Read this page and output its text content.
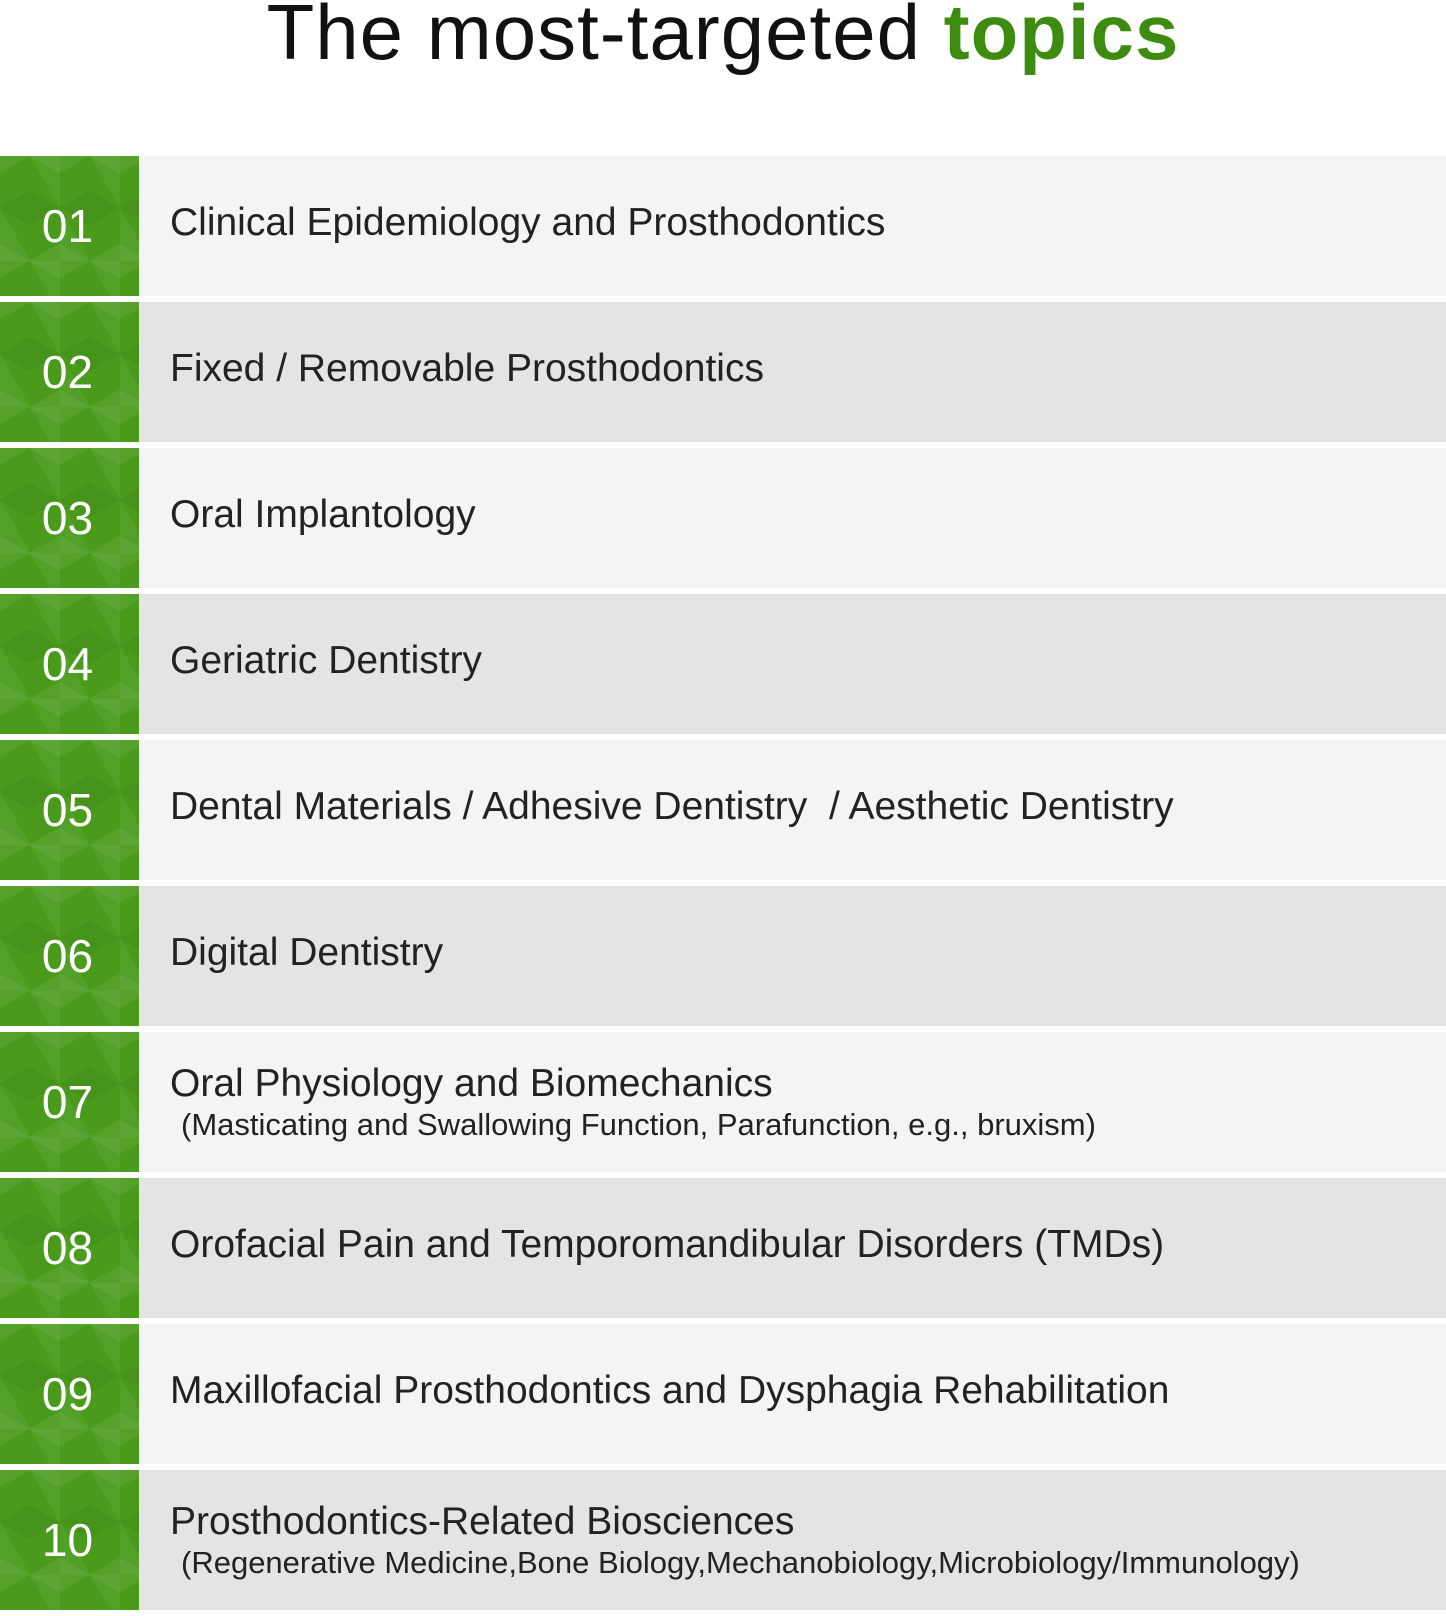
The most-targeted topics
01	Clinical Epidemiology and Prosthodontics
02	Fixed / Removable Prosthodontics
03	Oral Implantology
04	Geriatric Dentistry
05	Dental Materials / Adhesive Dentistry  / Aesthetic Dentistry
06	Digital Dentistry
07	Oral Physiology and Biomechanics
(Masticating and Swallowing Function, Parafunction, e.g., bruxism)
08	Orofacial Pain and Temporomandibular Disorders (TMDs)
09	Maxillofacial Prosthodontics and Dysphagia Rehabilitation
10	Prosthodontics-Related Biosciences
(Regenerative Medicine,Bone Biology,Mechanobiology,Microbiology/Immunology)
